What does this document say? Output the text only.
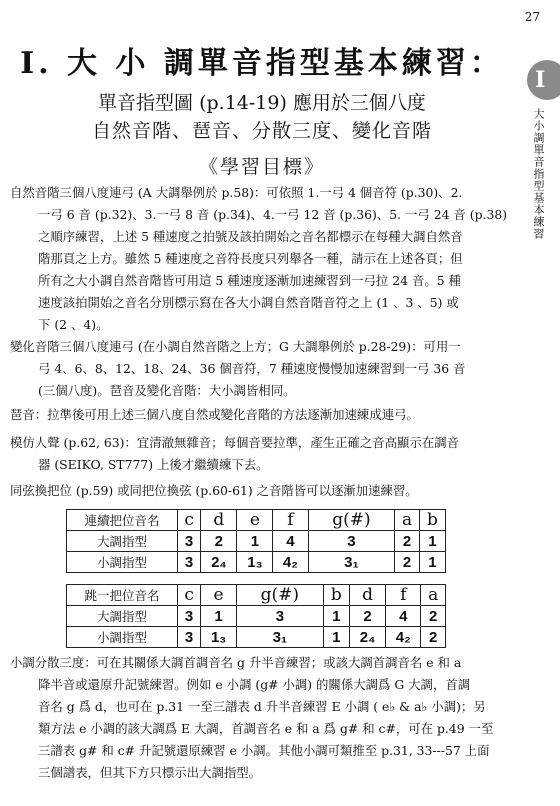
27
I
大小調單音指型基本練習
I. 大 小 調單音指型基本練習：
單音指型圖 (p.14-19) 應用於三個八度
自然音階、琶音、分散三度、變化音階
《學習目標》

自然音階三個八度連弓 (A 大調舉例於 p.58)：可依照 1.一弓 4 個音符 (p.30)、2.

一弓 6 音 (p.32)、3.一弓 8 音 (p.34)、4.一弓 12 音 (p.36)、5. 一弓 24 音 (p.38)

之順序練習，上述 5 種速度之拍號及該拍開始之音名都標示在每種大調自然音

階那頁之上方。雖然 5 種速度之音符長度只列舉各一種，請示在上述各頁；但

所有之大小調自然音階皆可用這 5 種速度逐漸加速練習到一弓拉 24 音。5 種

速度該拍開始之音名分別標示寫在各大小調自然音階音符之上 (1 、3 、5) 或

下 (2 、4)。

變化音階三個八度連弓 (在小調自然音階之上方；G 大調舉例於 p.28-29)：可用一

弓 4、6、8、12、18、24、36 個音符，7 種速度慢慢加速練習到一弓 36 音

(三個八度)。琶音及變化音階：大小調皆相同。

琶音：拉準後可用上述三個八度自然或變化音階的方法逐漸加速練成連弓。

模仿人聲 (p.62, 63)：宜清澈無雜音；每個音要拉準，產生正確之音高顯示在調音

器 (SEIKO, ST777) 上後才繼續練下去。

同弦換把位 (p.59) 或同把位換弦 (p.60-61) 之音階皆可以逐漸加速練習。

連續把位音名	c	d	e	f	g(#)	a	b
大調指型	3	2	1	4	3	2	1
小調指型	3	2₄	1₃	4₂	3₁	2	1
跳一把位音名	c	e	g(#)	b	d	f	a
大調指型	3	1	3	1	2	4	2
小調指型	3	1₃	3₁	1	2₄	4₂	2

小調分散三度：可在其關係大調首調音名 g 升半音練習；或該大調首調音名 e 和 a

降半音或還原升記號練習。例如 e 小調 (g# 小調) 的關係大調爲 G 大調，首調

音名 g 爲 d，也可在 p.31 一至三譜表 d 升半音練習 E 小調 ( e♭ & a♭ 小調)；另

類方法 e 小調的該大調爲 E 大調，首調音名 e 和 a 爲 g# 和 c#，可在 p.49 一至

三譜表 g# 和 c# 升記號還原練習 e 小調。其他小調可類推至 p.31, 33---57 上面

三個譜表，但其下方只標示出大調指型。
